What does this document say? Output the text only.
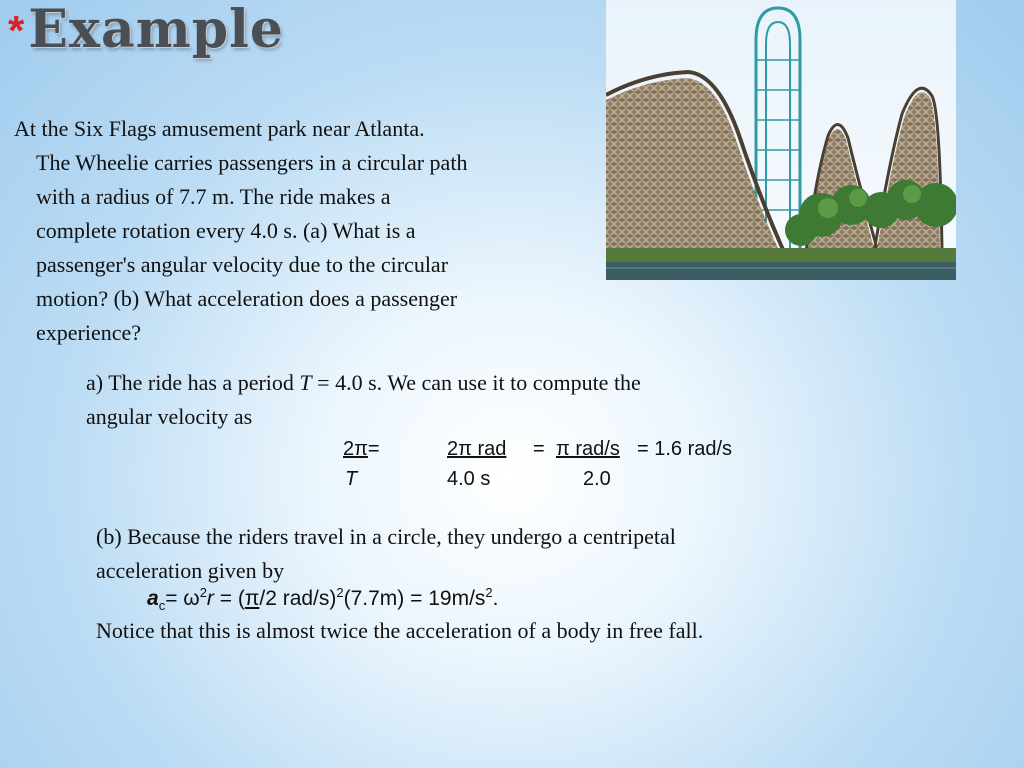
* Example
At the Six Flags amusement park near Atlanta.
The Wheelie carries passengers in a circular path
with a radius of 7.7 m. The ride makes a
complete rotation every 4.0 s. (a) What is a
passenger's angular velocity due to the circular
motion? (b) What acceleration does a passenger
experience?

a) The ride has a period T = 4.0 s. We can use it to compute the

angular velocity as

2π=
T
2π rad
4.0 s
= π rad/s
2.0
= 1.6 rad/s

(b) Because the riders travel in a circle, they undergo a centripetal

acceleration given by

$a_c= \omega^2r = (\pi/2$ $rad/s)^2(7.7m) = 19m/s^2$.

Notice that this is almost twice the acceleration of a body in free fall.
